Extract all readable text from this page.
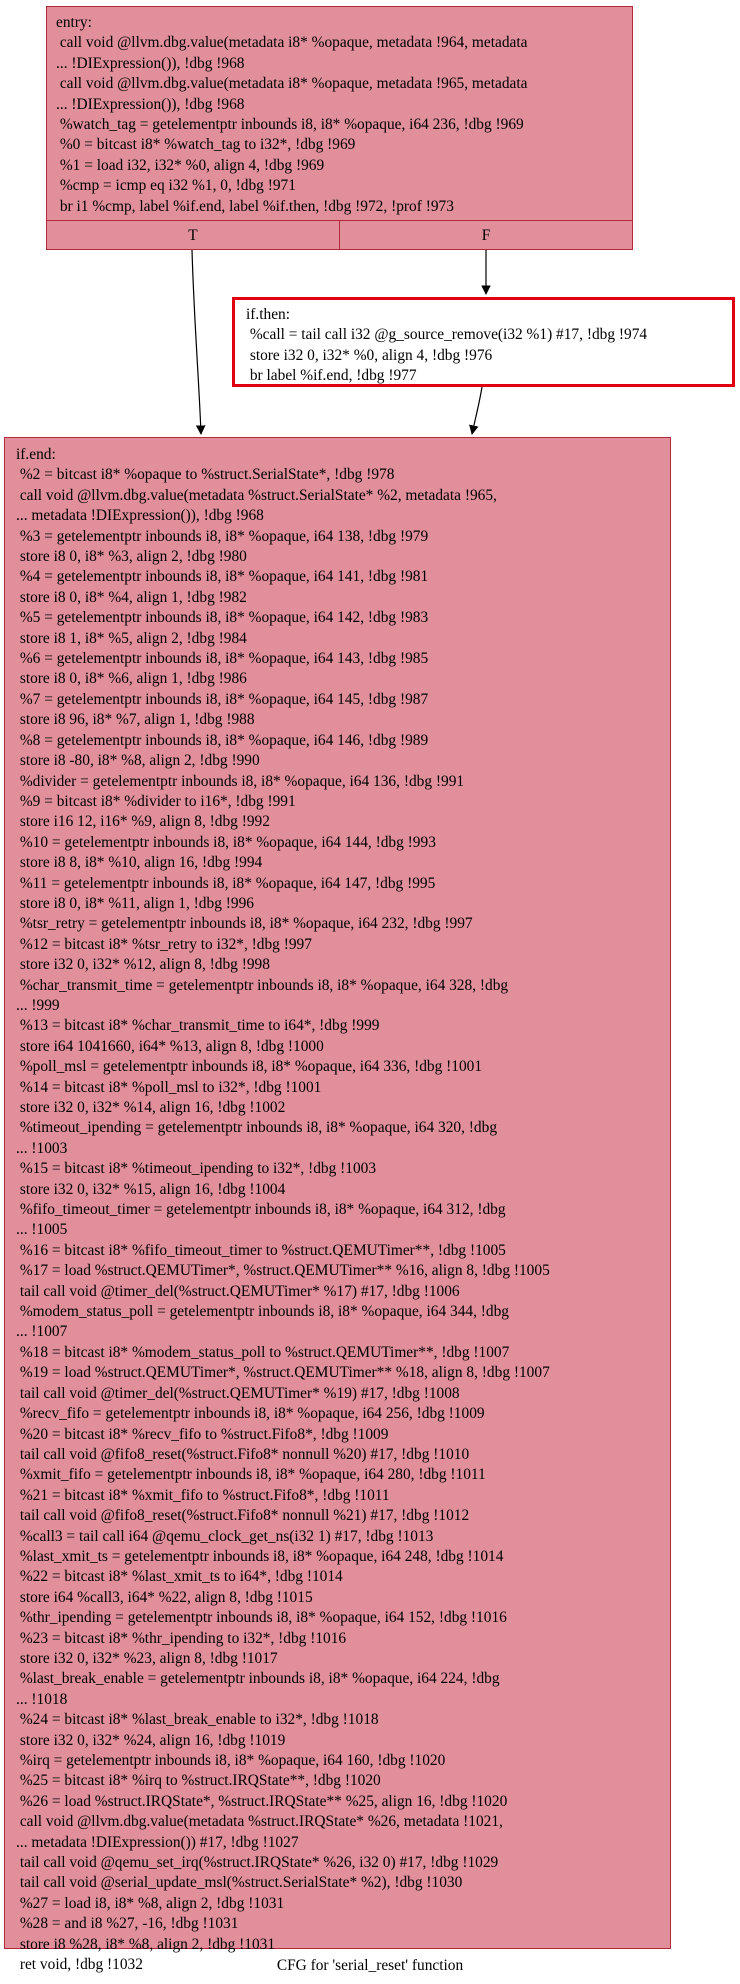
entry:
call void @llvm.dbg.value(metadata i8* %opaque, metadata !964, metadata
... !DIExpression()), !dbg !968
call void @llvm.dbg.value(metadata i8* %opaque, metadata !965, metadata
... !DIExpression()), !dbg !968
%watch_tag = getelementptr inbounds i8, i8* %opaque, i64 236, !dbg !969
%0 = bitcast i8* %watch_tag to i32*, !dbg !969
%1 = load i32, i32* %0, align 4, !dbg !969
%cmp = icmp eq i32 %1, 0, !dbg !971
br i1 %cmp, label %if.end, label %if.then, !dbg !972, !prof !973
T	F
if.then:
%call = tail call i32 @g_source_remove(i32 %1) #17, !dbg !974
store i32 0, i32* %0, align 4, !dbg !976
br label %if.end, !dbg !977
if.end:
%2 = bitcast i8* %opaque to %struct.SerialState*, !dbg !978
call void @llvm.dbg.value(metadata %struct.SerialState* %2, metadata !965,
... metadata !DIExpression()), !dbg !968
%3 = getelementptr inbounds i8, i8* %opaque, i64 138, !dbg !979
store i8 0, i8* %3, align 2, !dbg !980
%4 = getelementptr inbounds i8, i8* %opaque, i64 141, !dbg !981
store i8 0, i8* %4, align 1, !dbg !982
%5 = getelementptr inbounds i8, i8* %opaque, i64 142, !dbg !983
store i8 1, i8* %5, align 2, !dbg !984
%6 = getelementptr inbounds i8, i8* %opaque, i64 143, !dbg !985
store i8 0, i8* %6, align 1, !dbg !986
%7 = getelementptr inbounds i8, i8* %opaque, i64 145, !dbg !987
store i8 96, i8* %7, align 1, !dbg !988
%8 = getelementptr inbounds i8, i8* %opaque, i64 146, !dbg !989
store i8 -80, i8* %8, align 2, !dbg !990
%divider = getelementptr inbounds i8, i8* %opaque, i64 136, !dbg !991
%9 = bitcast i8* %divider to i16*, !dbg !991
store i16 12, i16* %9, align 8, !dbg !992
%10 = getelementptr inbounds i8, i8* %opaque, i64 144, !dbg !993
store i8 8, i8* %10, align 16, !dbg !994
%11 = getelementptr inbounds i8, i8* %opaque, i64 147, !dbg !995
store i8 0, i8* %11, align 1, !dbg !996
%tsr_retry = getelementptr inbounds i8, i8* %opaque, i64 232, !dbg !997
%12 = bitcast i8* %tsr_retry to i32*, !dbg !997
store i32 0, i32* %12, align 8, !dbg !998
%char_transmit_time = getelementptr inbounds i8, i8* %opaque, i64 328, !dbg
... !999
%13 = bitcast i8* %char_transmit_time to i64*, !dbg !999
store i64 1041660, i64* %13, align 8, !dbg !1000
%poll_msl = getelementptr inbounds i8, i8* %opaque, i64 336, !dbg !1001
%14 = bitcast i8* %poll_msl to i32*, !dbg !1001
store i32 0, i32* %14, align 16, !dbg !1002
%timeout_ipending = getelementptr inbounds i8, i8* %opaque, i64 320, !dbg
... !1003
%15 = bitcast i8* %timeout_ipending to i32*, !dbg !1003
store i32 0, i32* %15, align 16, !dbg !1004
%fifo_timeout_timer = getelementptr inbounds i8, i8* %opaque, i64 312, !dbg
... !1005
%16 = bitcast i8* %fifo_timeout_timer to %struct.QEMUTimer**, !dbg !1005
%17 = load %struct.QEMUTimer*, %struct.QEMUTimer** %16, align 8, !dbg !1005
tail call void @timer_del(%struct.QEMUTimer* %17) #17, !dbg !1006
%modem_status_poll = getelementptr inbounds i8, i8* %opaque, i64 344, !dbg
... !1007
%18 = bitcast i8* %modem_status_poll to %struct.QEMUTimer**, !dbg !1007
%19 = load %struct.QEMUTimer*, %struct.QEMUTimer** %18, align 8, !dbg !1007
tail call void @timer_del(%struct.QEMUTimer* %19) #17, !dbg !1008
%recv_fifo = getelementptr inbounds i8, i8* %opaque, i64 256, !dbg !1009
%20 = bitcast i8* %recv_fifo to %struct.Fifo8*, !dbg !1009
tail call void @fifo8_reset(%struct.Fifo8* nonnull %20) #17, !dbg !1010
%xmit_fifo = getelementptr inbounds i8, i8* %opaque, i64 280, !dbg !1011
%21 = bitcast i8* %xmit_fifo to %struct.Fifo8*, !dbg !1011
tail call void @fifo8_reset(%struct.Fifo8* nonnull %21) #17, !dbg !1012
%call3 = tail call i64 @qemu_clock_get_ns(i32 1) #17, !dbg !1013
%last_xmit_ts = getelementptr inbounds i8, i8* %opaque, i64 248, !dbg !1014
%22 = bitcast i8* %last_xmit_ts to i64*, !dbg !1014
store i64 %call3, i64* %22, align 8, !dbg !1015
%thr_ipending = getelementptr inbounds i8, i8* %opaque, i64 152, !dbg !1016
%23 = bitcast i8* %thr_ipending to i32*, !dbg !1016
store i32 0, i32* %23, align 8, !dbg !1017
%last_break_enable = getelementptr inbounds i8, i8* %opaque, i64 224, !dbg
... !1018
%24 = bitcast i8* %last_break_enable to i32*, !dbg !1018
store i32 0, i32* %24, align 16, !dbg !1019
%irq = getelementptr inbounds i8, i8* %opaque, i64 160, !dbg !1020
%25 = bitcast i8* %irq to %struct.IRQState**, !dbg !1020
%26 = load %struct.IRQState*, %struct.IRQState** %25, align 16, !dbg !1020
call void @llvm.dbg.value(metadata %struct.IRQState* %26, metadata !1021,
... metadata !DIExpression()) #17, !dbg !1027
tail call void @qemu_set_irq(%struct.IRQState* %26, i32 0) #17, !dbg !1029
tail call void @serial_update_msl(%struct.SerialState* %2), !dbg !1030
%27 = load i8, i8* %8, align 2, !dbg !1031
%28 = and i8 %27, -16, !dbg !1031
store i8 %28, i8* %8, align 2, !dbg !1031
ret void, !dbg !1032	CFG for 'serial_reset' function
